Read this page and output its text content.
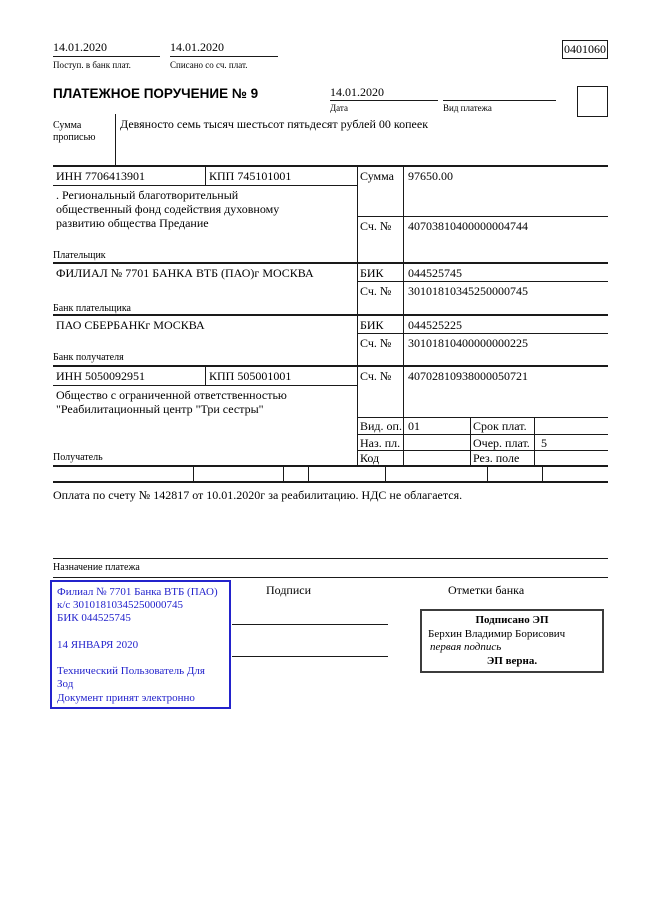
14.01.2020
Поступ. в банк плат.
14.01.2020
Списано со сч. плат.
0401060
ПЛАТЕЖНОЕ ПОРУЧЕНИЕ № 9	14.01.2020
Дата	Вид платежа
Сумма
прописью
Девяносто семь тысяч шестьсот пятьдесят рублей 00 копеек
ИНН 7706413901	КПП 745101001	Сумма 97650.00
. Региональный благотворительный
общественный фонд содействия духовному
развитию общества Предание	Сч. № 40703810400000004744
Плательщик
ФИЛИАЛ № 7701 БАНКА ВТБ (ПАО)г МОСКВА	БИК 044525745
Сч. № 30101810345250000745
Банк плательщика
ПАО СБЕРБАНКг МОСКВА	БИК 044525225
Сч. № 30101810400000000225
Банк получателя
ИНН 5050092951	КПП 505001001	Сч. № 40702810938000050721
Общество с ограниченной ответственностью
"Реабилитационный центр "Три сестры"
Вид. оп. 01	Срок плат.
Наз. пл.	Очер. плат. 5
Код	Рез. поле
Получатель
Оплата по счету № 142817 от 10.01.2020г за реабилитацию. НДС не облагается.
Назначение платежа
Филиал № 7701 Банка ВТБ (ПАО)
к/с 30101810345250000745
БИК 044525745
14 ЯНВАРЯ 2020
Технический Пользователь Для
Зод
Документ принят электронно
Подписи	Отметки банка
Подписано ЭП
Берхин Владимир Борисович
первая подпись
ЭП верна.
